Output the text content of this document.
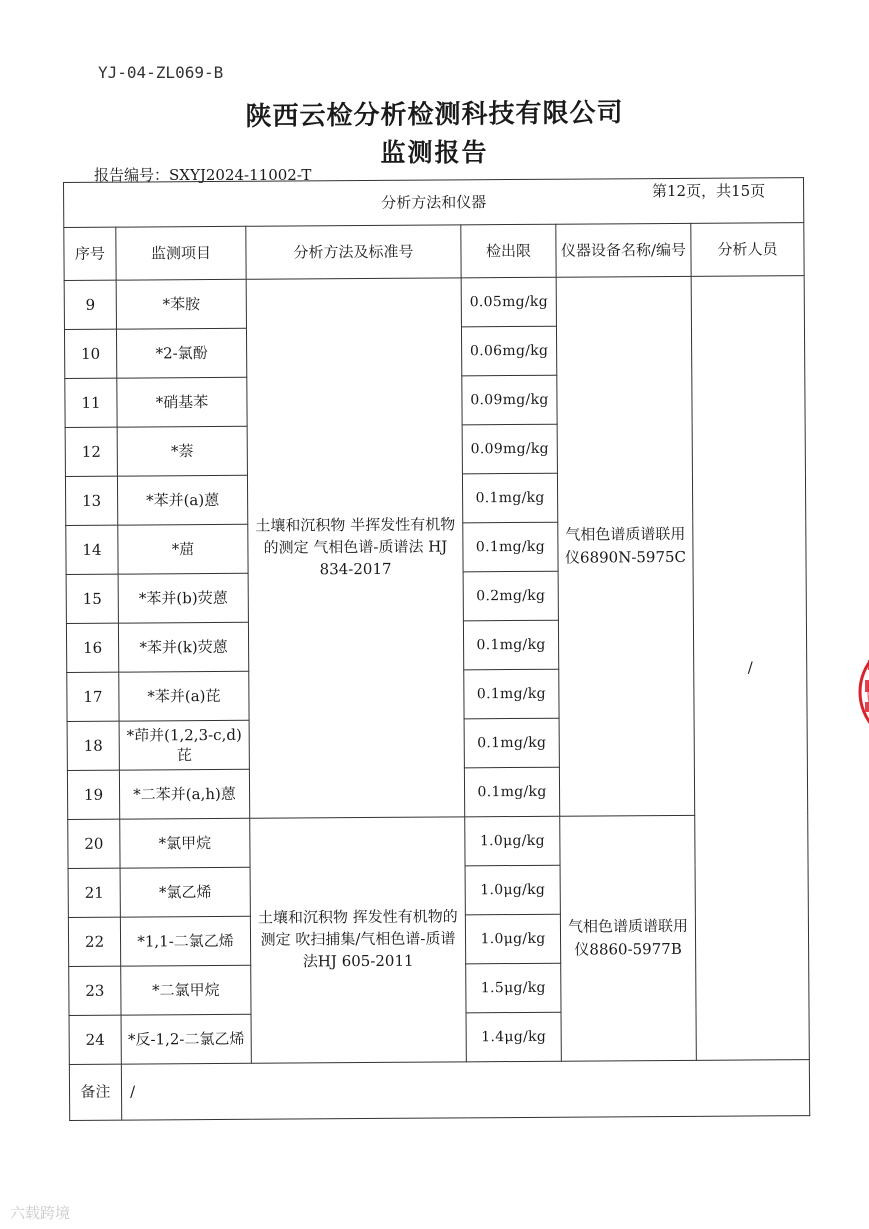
YJ-04-ZL069-B
陕西云检分析检测科技有限公司
监测报告
报告编号：SXYJ2024-11002-T
第12页，共15页
分析方法和仪器					
序号	监测项目	分析方法及标准号	检出限	仪器设备名称/编号	分析人员
9	*苯胺	土壤和沉积物 半挥发性有机物的测定 气相色谱-质谱法 HJ 834-2017	0.05mg/kg	气相色谱质谱联用仪6890N-5975C	/
10	*2-氯酚		0.06mg/kg		
11	*硝基苯		0.09mg/kg		
12	*萘		0.09mg/kg		
13	*苯并(a)蒽		0.1mg/kg		
14	*䓛		0.1mg/kg		
15	*苯并(b)荧蒽		0.2mg/kg		
16	*苯并(k)荧蒽		0.1mg/kg		
17	*苯并(a)芘		0.1mg/kg		
18	*茚并(1,2,3-c,d)芘		0.1mg/kg		
19	*二苯并(a,h)蒽		0.1mg/kg		
20	*氯甲烷	土壤和沉积物 挥发性有机物的测定 吹扫捕集/气相色谱-质谱法HJ 605-2011	1.0μg/kg	气相色谱质谱联用仪8860-5977B	
21	*氯乙烯		1.0μg/kg		
22	*1,1-二氯乙烯		1.0μg/kg		
23	*二氯甲烷		1.5μg/kg		
24	*反-1,2-二氯乙烯		1.4μg/kg		
备注	/				
六载跨境
